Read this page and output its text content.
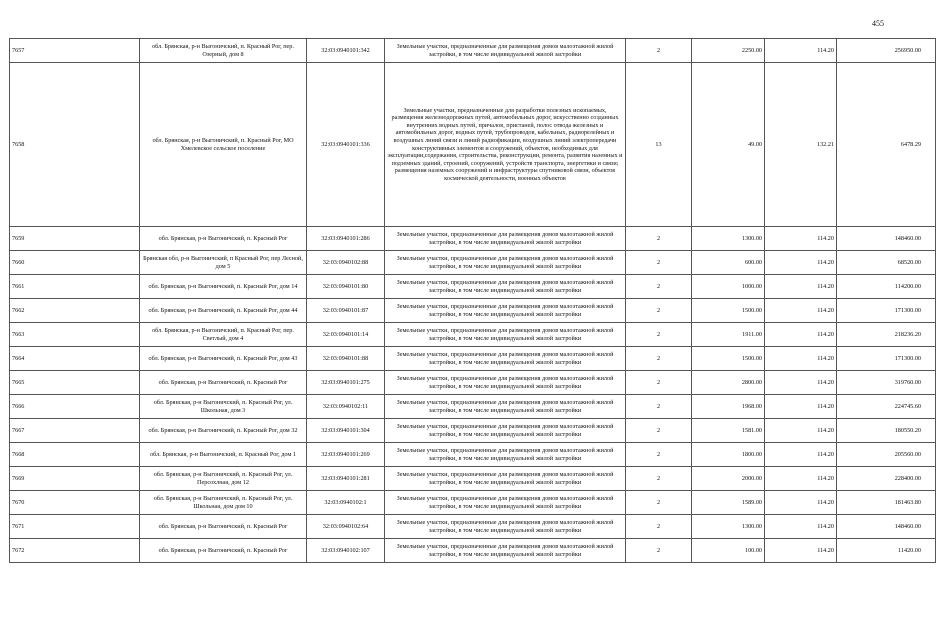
455
7657	обл. Брянская, р-н Выгоничский, п. Красный Рог, пер. Озерный, дом 8	32:03:0940101:342	Земельные участки, предназначенные для размещения домов малоэтажной жилой застройки, в том числе индивидуальной жилой застройки	2	2250.00	114.20	256950.00
7658	обл. Брянская, р-н Выгоничский, п. Красный Рог, МО Хмелевское сельское поселение	32:03:0940101:336	Земельные участки, предназначенные для разработки полезных ископаемых, размещения железнодорожных путей, автомобильных дорог, искусственно созданных внутренних водных путей, причалов, пристаней, полос отвода железных и автомобильных дорог, водных путей, трубопроводов, кабельных, радиорелейных и воздушных линий связи и линий радиофикации, воздушных линий электропередачи конструктивных элементов и сооружений, объектов, необходимых для эксплуатации,содержания, строительства, реконструкции, ремонта, развития наземных и подземных зданий, строений, сооружений, устройств транспорта, энергетики и связи; размещения наземных сооружений и инфраструктуры спутниковой связи, объектов космической деятельности, военных объектов	13	49.00	132.21	6478.29
7659	обл. Брянская, р-н Выгоничский, п. Красный Рог	32:03:0940101:286	Земельные участки, предназначенные для размещения домов малоэтажной жилой застройки, в том числе индивидуальной жилой застройки	2	1300.00	114.20	148460.00
7660	Брянская обл, р-н Выгоничский, п Красный Рог, пер Лесной, дом 5	32:03:0940102:88	Земельные участки, предназначенные для размещения домов малоэтажной жилой застройки, в том числе индивидуальной жилой застройки	2	600.00	114.20	68520.00
7661	обл. Брянская, р-н Выгоничский, п. Красный Рог, дом 14	32:03:0940101:80	Земельные участки, предназначенные для размещения домов малоэтажной жилой застройки, в том числе индивидуальной жилой застройки	2	1000.00	114.20	114200.00
7662	обл. Брянская, р-н Выгоничский, п. Красный Рог, дом 44	32:03:0940101:87	Земельные участки, предназначенные для размещения домов малоэтажной жилой застройки, в том числе индивидуальной жилой застройки	2	1500.00	114.20	171300.00
7663	обл. Брянская, р-н Выгоничский, п. Красный Рог, пер. Светлый, дом 4	32:03:0940101:14	Земельные участки, предназначенные для размещения домов малоэтажной жилой застройки, в том числе индивидуальной жилой застройки	2	1911.00	114.20	218236.20
7664	обл. Брянская, р-н Выгоничский, п. Красный Рог, дом 43	32:03:0940101:88	Земельные участки, предназначенные для размещения домов малоэтажной жилой застройки, в том числе индивидуальной жилой застройки	2	1500.00	114.20	171300.00
7665	обл. Брянская, р-н Выгоничский, п. Красный Рог	32:03:0940101:275	Земельные участки, предназначенные для размещения домов малоэтажной жилой застройки, в том числе индивидуальной жилой застройки	2	2800.00	114.20	319760.00
7666	обл. Брянская, р-н Выгоничский, п. Красный Рог, ул. Школьная, дом 3	32:03:0940102:11	Земельные участки, предназначенные для размещения домов малоэтажной жилой застройки, в том числе индивидуальной жилой застройки	2	1968.00	114.20	224745.60
7667	обл. Брянская, р-н Выгоничский, п. Красный Рог, дом 32	32:03:0940101:304	Земельные участки, предназначенные для размещения домов малоэтажной жилой застройки, в том числе индивидуальной жилой застройки	2	1581.00	114.20	180550.20
7668	обл. Брянская, р-н Выгоничский, п. Красный Рог, дом 1	32:03:0940101:269	Земельные участки, предназначенные для размещения домов малоэтажной жилой застройки, в том числе индивидуальной жилой застройки	2	1800.00	114.20	205560.00
7669	обл. Брянская, р-н Выгоничский, п. Красный Рог, ул. Персохлная, дом 12	32:03:0940101:281	Земельные участки, предназначенные для размещения домов малоэтажной жилой застройки, в том числе индивидуальной жилой застройки	2	2000.00	114.20	228400.00
7670	обл. Брянская, р-н Выгоничский, п. Красный Рог, ул. Школьная, дом дом 10	32:03:0940102:1	Земельные участки, предназначенные для размещения домов малоэтажной жилой застройки, в том числе индивидуальной жилой застройки	2	1589.00	114.20	181463.80
7671	обл. Брянская, р-н Выгоничский, п. Красный Рог	32:03:0940102:64	Земельные участки, предназначенные для размещения домов малоэтажной жилой застройки, в том числе индивидуальной жилой застройки	2	1300.00	114.20	148460.00
7672	обл. Брянская, р-н Выгоничский, п. Красный Рог	32:03:0940102:107	Земельные участки, предназначенные для размещения домов малоэтажной жилой застройки, в том числе индивидуальной жилой застройки	2	100.00	114.20	11420.00
